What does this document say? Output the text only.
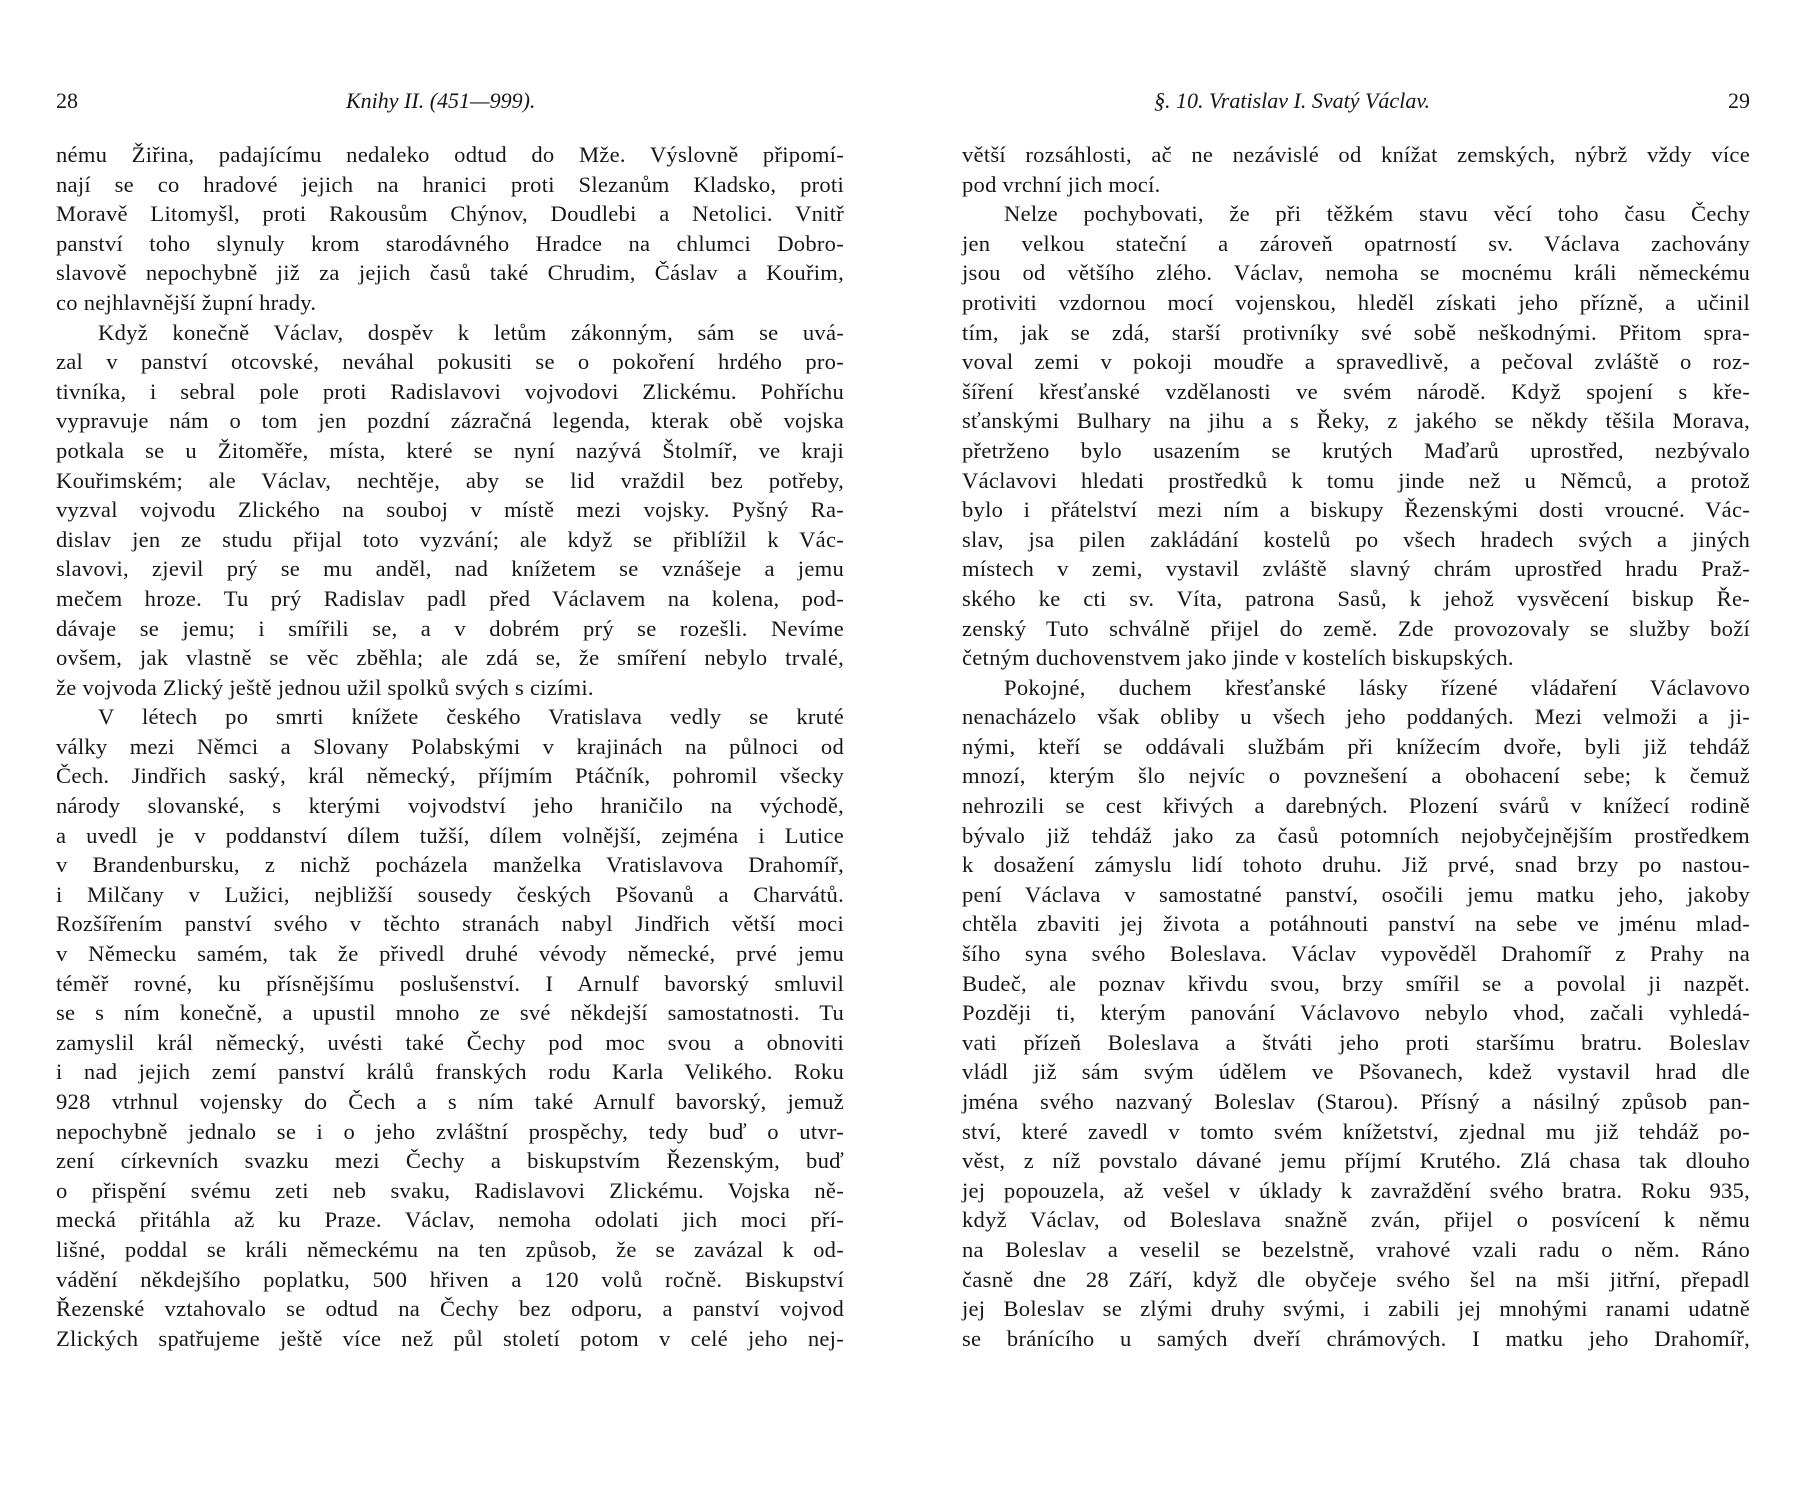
28	Knihy II. (451—999).
nému Žiřina, padajícímu nedaleko odtud do Mže. Výslovně připomí-
nají se co hradové jejich na hranici proti Slezanům Kladsko, proti
Moravě Litomyšl, proti Rakousům Chýnov, Doudlebi a Netolici. Vnitř
panství toho slynuly krom starodávného Hradce na chlumci Dobro-
slavově nepochybně již za jejich časů také Chrudim, Čáslav a Kouřim,
co nejhlavnější župní hrady.
Když konečně Václav, dospěv k letům zákonným, sám se uvá-
zal v panství otcovské, neváhal pokusiti se o pokoření hrdého pro-
tivníka, i sebral pole proti Radislavovi vojvodovi Zlickému. Pohříchu
vypravuje nám o tom jen pozdní zázračná legenda, kterak obě vojska
potkala se u Žitoměře, místa, které se nyní nazývá Štolmíř, ve kraji
Kouřimském; ale Václav, nechtěje, aby se lid vraždil bez potřeby,
vyzval vojvodu Zlického na souboj v místě mezi vojsky. Pyšný Ra-
dislav jen ze studu přijal toto vyzvání; ale když se přiblížil k Vác-
slavovi, zjevil prý se mu anděl, nad knížetem se vznášeje a jemu
mečem hroze. Tu prý Radislav padl před Václavem na kolena, pod-
dávaje se jemu; i smířili se, a v dobrém prý se rozešli. Nevíme
ovšem, jak vlastně se věc zběhla; ale zdá se, že smíření nebylo trvalé,
že vojvoda Zlický ještě jednou užil spolků svých s cizími.
V létech po smrti knížete českého Vratislava vedly se kruté
války mezi Němci a Slovany Polabskými v krajinách na půlnoci od
Čech. Jindřich saský, král německý, příjmím Ptáčník, pohromil všecky
národy slovanské, s kterými vojvodství jeho hraničilo na východě,
a uvedl je v poddanství dílem tužší, dílem volnější, zejména i Lutice
v Brandenbursku, z nichž pocházela manželka Vratislavova Drahomíř,
i Milčany v Lužici, nejbližší sousedy českých Pšovanů a Charvátů.
Rozšířením panství svého v těchto stranách nabyl Jindřich větší moci
v Německu samém, tak že přivedl druhé vévody německé, prvé jemu
téměř rovné, ku přísnějšímu poslušenství. I Arnulf bavorský smluvil
se s ním konečně, a upustil mnoho ze své někdejší samostatnosti. Tu
zamyslil král německý, uvésti také Čechy pod moc svou a obnoviti
i nad jejich zemí panství králů franských rodu Karla Velikého. Roku
928 vtrhnul vojensky do Čech a s ním také Arnulf bavorský, jemuž
nepochybně jednalo se i o jeho zvláštní prospěchy, tedy buď o utvr-
zení církevních svazku mezi Čechy a biskupstvím Řezenským, buď
o přispění svému zeti neb svaku, Radislavovi Zlickému. Vojska ně-
mecká přitáhla až ku Praze. Václav, nemoha odolati jich moci pří-
lišné, poddal se králi německému na ten způsob, že se zavázal k od-
vádění někdejšího poplatku, 500 hřiven a 120 volů ročně. Biskupství
Řezenské vztahovalo se odtud na Čechy bez odporu, a panství vojvod
Zlických spatřujeme ještě více než půl století potom v celé jeho nej-
§. 10. Vratislav I. Svatý Václav.	29
větší rozsáhlosti, ač ne nezávislé od knížat zemských, nýbrž vždy více
pod vrchní jich mocí.
Nelze pochybovati, že při těžkém stavu věcí toho času Čechy
jen velkou stateční a zároveň opatrností sv. Václava zachovány
jsou od většího zlého. Václav, nemoha se mocnému králi německému
protiviti vzdornou mocí vojenskou, hleděl získati jeho přízně, a učinil
tím, jak se zdá, starší protivníky své sobě neškodnými. Přitom spra-
voval zemi v pokoji moudře a spravedlivě, a pečoval zvláště o roz-
šíření křesťanské vzdělanosti ve svém národě. Když spojení s kře-
sťanskými Bulhary na jihu a s Řeky, z jakého se někdy těšila Morava,
přetrženo bylo usazením se krutých Maďarů uprostřed, nezbývalo
Václavovi hledati prostředků k tomu jinde než u Němců, a protož
bylo i přátelství mezi ním a biskupy Řezenskými dosti vroucné. Vác-
slav, jsa pilen zakládání kostelů po všech hradech svých a jiných
místech v zemi, vystavil zvláště slavný chrám uprostřed hradu Praž-
ského ke cti sv. Víta, patrona Sasů, k jehož vysvěcení biskup Ře-
zenský Tuto schválně přijel do země. Zde provozovaly se služby boží
četným duchovenstvem jako jinde v kostelích biskupských.
Pokojné, duchem křesťanské lásky řízené vládaření Václavovo
nenacházelo však obliby u všech jeho poddaných. Mezi velmoži a ji-
nými, kteří se oddávali službám při knížecím dvoře, byli již tehdáž
mnozí, kterým šlo nejvíc o povznešení a obohacení sebe; k čemuž
nehrozili se cest křivých a darebných. Plození svárů v knížecí rodině
bývalo již tehdáž jako za časů potomních nejobyčejnějším prostředkem
k dosažení zámyslu lidí tohoto druhu. Již prvé, snad brzy po nastou-
pení Václava v samostatné panství, osočili jemu matku jeho, jakoby
chtěla zbaviti jej života a potáhnouti panství na sebe ve jménu mlad-
šího syna svého Boleslava. Václav vypověděl Drahomíř z Prahy na
Budeč, ale poznav křivdu svou, brzy smířil se a povolal ji nazpět.
Později ti, kterým panování Václavovo nebylo vhod, začali vyhledá-
vati přízeň Boleslava a štváti jeho proti staršímu bratru. Boleslav
vládl již sám svým údělem ve Pšovanech, kdež vystavil hrad dle
jména svého nazvaný Boleslav (Starou). Přísný a násilný způsob pan-
ství, které zavedl v tomto svém knížetství, zjednal mu již tehdáž po-
věst, z níž povstalo dávané jemu příjmí Krutého. Zlá chasa tak dlouho
jej popouzela, až vešel v úklady k zavraždění svého bratra. Roku 935,
když Václav, od Boleslava snažně zván, přijel o posvícení k němu
na Boleslav a veselil se bezelstně, vrahové vzali radu o něm. Ráno
časně dne 28 Září, když dle obyčeje svého šel na mši jitřní, přepadl
jej Boleslav se zlými druhy svými, i zabili jej mnohými ranami udatně
se bránícího u samých dveří chrámových. I matku jeho Drahomíř,
